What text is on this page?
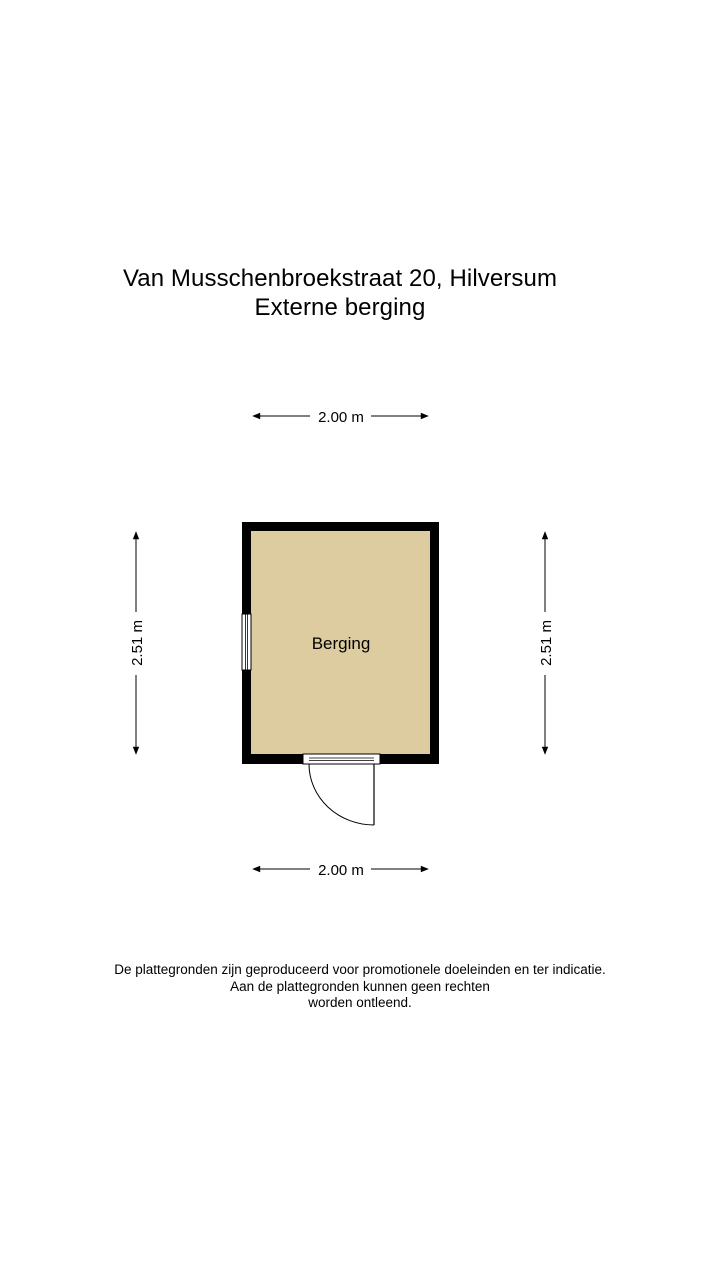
Van Musschenbroekstraat 20, Hilversum
Externe berging
2.00 m
2.00 m
2.51 m	2.51 m
Berging
De plattegronden zijn geproduceerd voor promotionele doeleinden en ter indicatie.
Aan de plattegronden kunnen geen rechten
worden ontleend.
